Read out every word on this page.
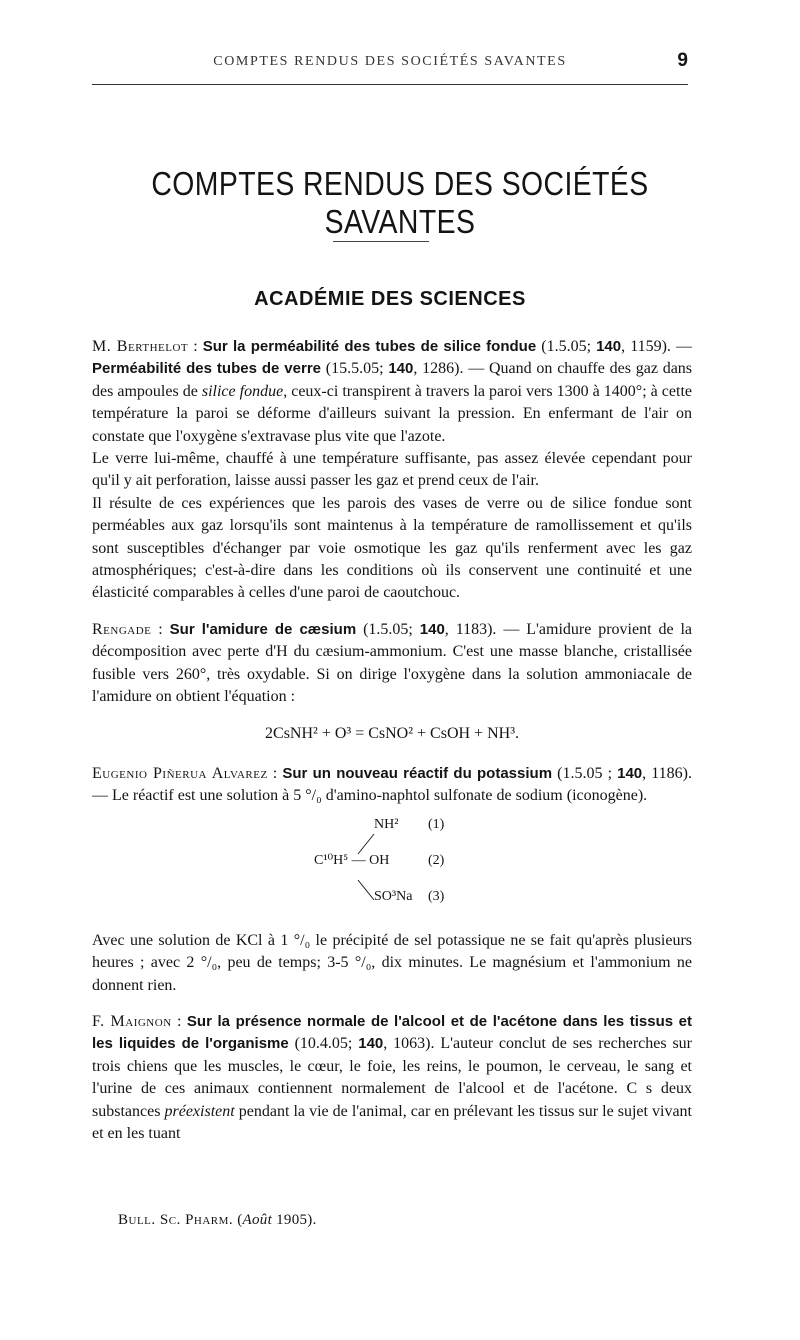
COMPTES RENDUS DES SOCIÉTÉS SAVANTES	9
COMPTES RENDUS DES SOCIÉTÉS SAVANTES
ACADÉMIE DES SCIENCES

M. Berthelot : Sur la perméabilité des tubes de silice fondue (1.5.05; 140, 1159). — Perméabilité des tubes de verre (15.5.05; 140, 1286). — Quand on chauffe des gaz dans des ampoules de silice fondue, ceux-ci transpirent à travers la paroi vers 1300 à 1400°; à cette température la paroi se déforme d'ailleurs suivant la pression. En enfermant de l'air on constate que l'oxygène s'extravase plus vite que l'azote.

Le verre lui-même, chauffé à une température suffisante, pas assez élevée cependant pour qu'il y ait perforation, laisse aussi passer les gaz et prend ceux de l'air.

Il résulte de ces expériences que les parois des vases de verre ou de silice fondue sont perméables aux gaz lorsqu'ils sont maintenus à la température de ramollissement et qu'ils sont susceptibles d'échanger par voie osmotique les gaz qu'ils renferment avec les gaz atmosphériques; c'est-à-dire dans les conditions où ils conservent une continuité et une élasticité comparables à celles d'une paroi de caoutchouc.

Rengade : Sur l'amidure de cæsium (1.5.05; 140, 1183). — L'amidure provient de la décomposition avec perte d'H du cæsium-ammonium. C'est une masse blanche, cristallisée fusible vers 260°, très oxydable. Si on dirige l'oxygène dans la solution ammoniacale de l'amidure on obtient l'équation :

2CsNH² + O³ = CsNO² + CsOH + NH³.

Eugenio Piñerua Alvarez : Sur un nouveau réactif du potassium (1.5.05 ; 140, 1186). — Le réactif est une solution à 5 °/₀ d'amino-naphtol sulfonate de sodium (iconogène).

NH² (1)
C¹⁰H⁵ — OH	(2)
SO³Na (3)

Avec une solution de KCl à 1 °/₀ le précipité de sel potassique ne se fait qu'après plusieurs heures ; avec 2 °/₀, peu de temps; 3-5 °/₀, dix minutes. Le magnésium et l'ammonium ne donnent rien.

F. Maignon : Sur la présence normale de l'alcool et de l'acétone dans les tissus et les liquides de l'organisme (10.4.05; 140, 1063). L'auteur conclut de ses recherches sur trois chiens que les muscles, le cœur, le foie, les reins, le poumon, le cerveau, le sang et l'urine de ces animaux contiennent normalement de l'alcool et de l'acétone. C s deux substances préexistent pendant la vie de l'animal, car en prélevant les tissus sur le sujet vivant et en les tuant

Bull. Sc. Pharm. (Août 1905).
